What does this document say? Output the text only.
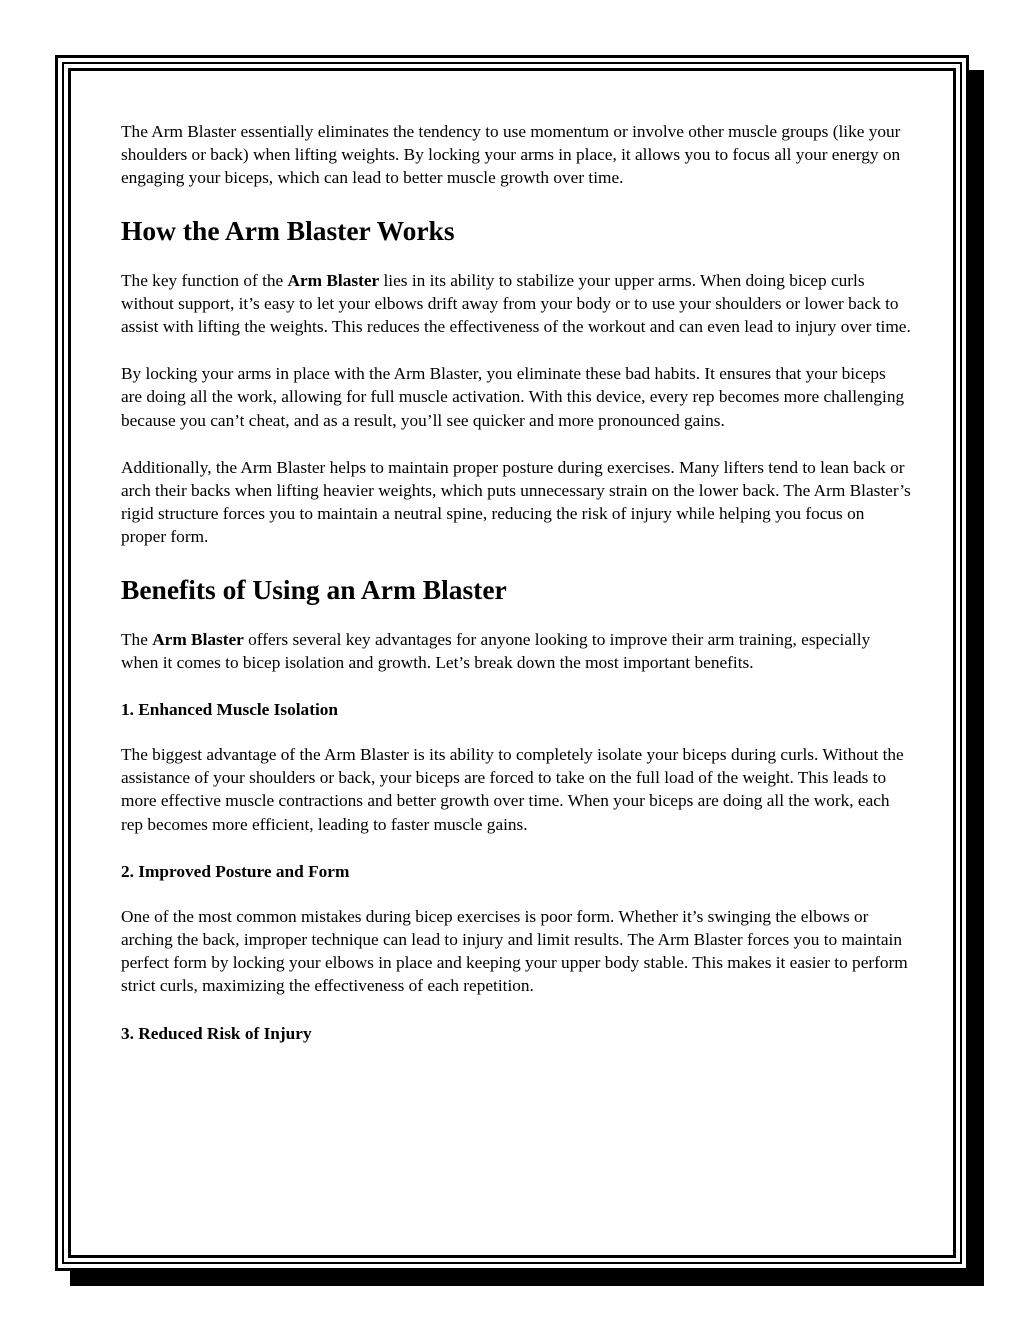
The Arm Blaster essentially eliminates the tendency to use momentum or involve other muscle groups (like your shoulders or back) when lifting weights. By locking your arms in place, it allows you to focus all your energy on engaging your biceps, which can lead to better muscle growth over time.

How the Arm Blaster Works

The key function of the Arm Blaster lies in its ability to stabilize your upper arms. When doing bicep curls without support, it’s easy to let your elbows drift away from your body or to use your shoulders or lower back to assist with lifting the weights. This reduces the effectiveness of the workout and can even lead to injury over time.

By locking your arms in place with the Arm Blaster, you eliminate these bad habits. It ensures that your biceps are doing all the work, allowing for full muscle activation. With this device, every rep becomes more challenging because you can’t cheat, and as a result, you’ll see quicker and more pronounced gains.

Additionally, the Arm Blaster helps to maintain proper posture during exercises. Many lifters tend to lean back or arch their backs when lifting heavier weights, which puts unnecessary strain on the lower back. The Arm Blaster’s rigid structure forces you to maintain a neutral spine, reducing the risk of injury while helping you focus on proper form.

Benefits of Using an Arm Blaster

The Arm Blaster offers several key advantages for anyone looking to improve their arm training, especially when it comes to bicep isolation and growth. Let’s break down the most important benefits.

1. Enhanced Muscle Isolation

The biggest advantage of the Arm Blaster is its ability to completely isolate your biceps during curls. Without the assistance of your shoulders or back, your biceps are forced to take on the full load of the weight. This leads to more effective muscle contractions and better growth over time. When your biceps are doing all the work, each rep becomes more efficient, leading to faster muscle gains.

2. Improved Posture and Form

One of the most common mistakes during bicep exercises is poor form. Whether it’s swinging the elbows or arching the back, improper technique can lead to injury and limit results. The Arm Blaster forces you to maintain perfect form by locking your elbows in place and keeping your upper body stable. This makes it easier to perform strict curls, maximizing the effectiveness of each repetition.

3. Reduced Risk of Injury
